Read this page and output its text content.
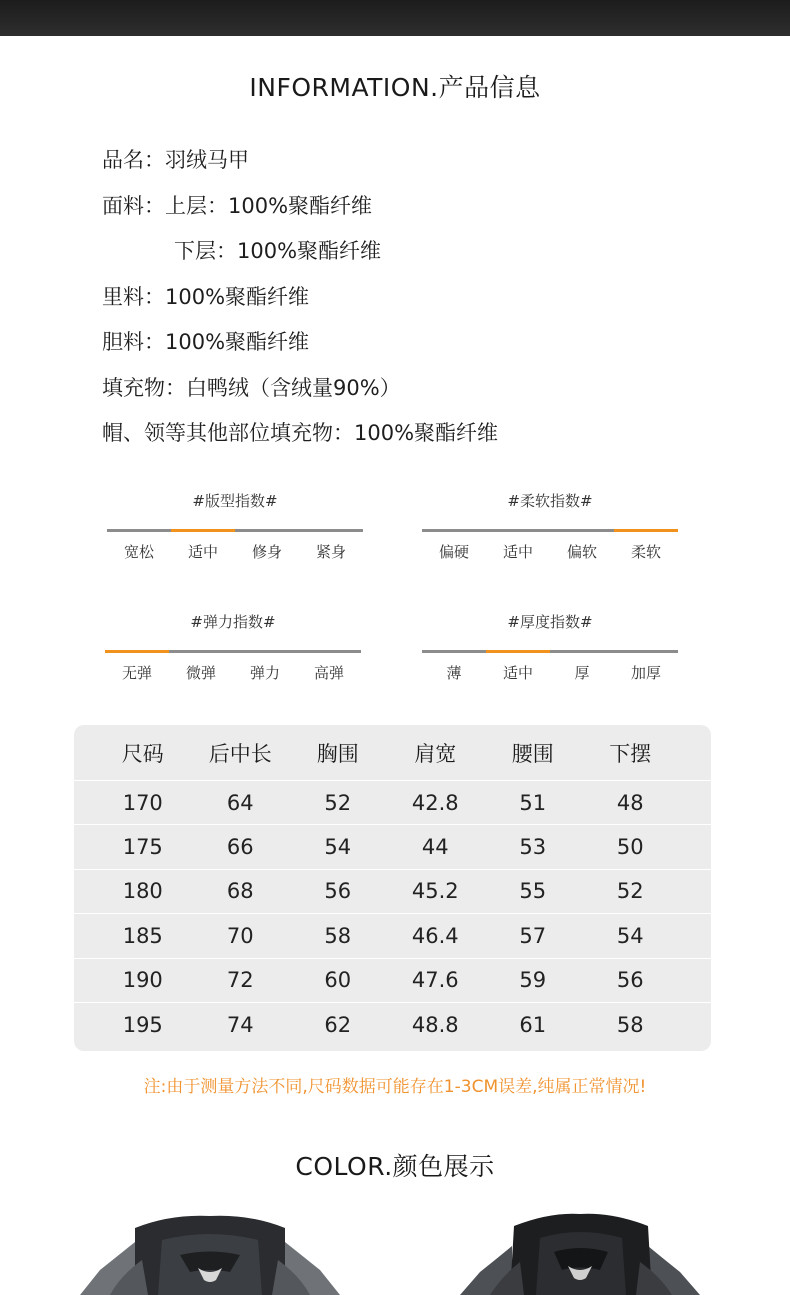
INFORMATION.产品信息
品名：羽绒马甲
面料：上层：100%聚酯纤维
下层：100%聚酯纤维
里料：100%聚酯纤维
胆料：100%聚酯纤维
填充物：白鸭绒（含绒量90%）
帽、领等其他部位填充物：100%聚酯纤维
#版型指数#
宽松	适中	修身	紧身
#柔软指数#
偏硬	适中	偏软	柔软
#弹力指数#
无弹	微弹	弹力	高弹
#厚度指数#
薄	适中	厚	加厚
尺码	后中长	胸围	肩宽	腰围	下摆
170	64	52	42.8	51	48
175	66	54	44	53	50
180	68	56	45.2	55	52
185	70	58	46.4	57	54
190	72	60	47.6	59	56
195	74	62	48.8	61	58
注:由于测量方法不同,尺码数据可能存在1-3CM误差,纯属正常情况!
COLOR.颜色展示
